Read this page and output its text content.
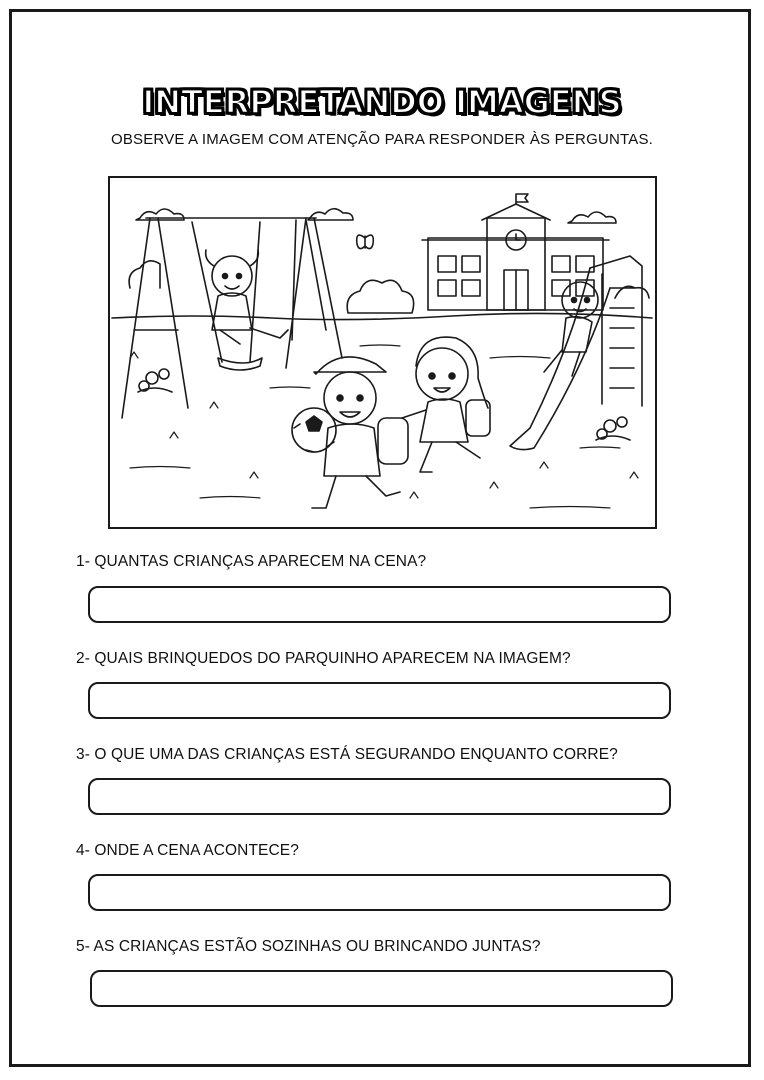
INTERPRETANDO IMAGENS
OBSERVE A IMAGEM COM ATENÇÃO PARA RESPONDER ÀS PERGUNTAS.
1- QUANTAS CRIANÇAS APARECEM NA CENA?
2- QUAIS BRINQUEDOS DO PARQUINHO APARECEM NA IMAGEM?
3- O QUE UMA DAS CRIANÇAS ESTÁ SEGURANDO ENQUANTO CORRE?
4- ONDE A CENA ACONTECE?
5- AS CRIANÇAS ESTÃO SOZINHAS OU BRINCANDO JUNTAS?
